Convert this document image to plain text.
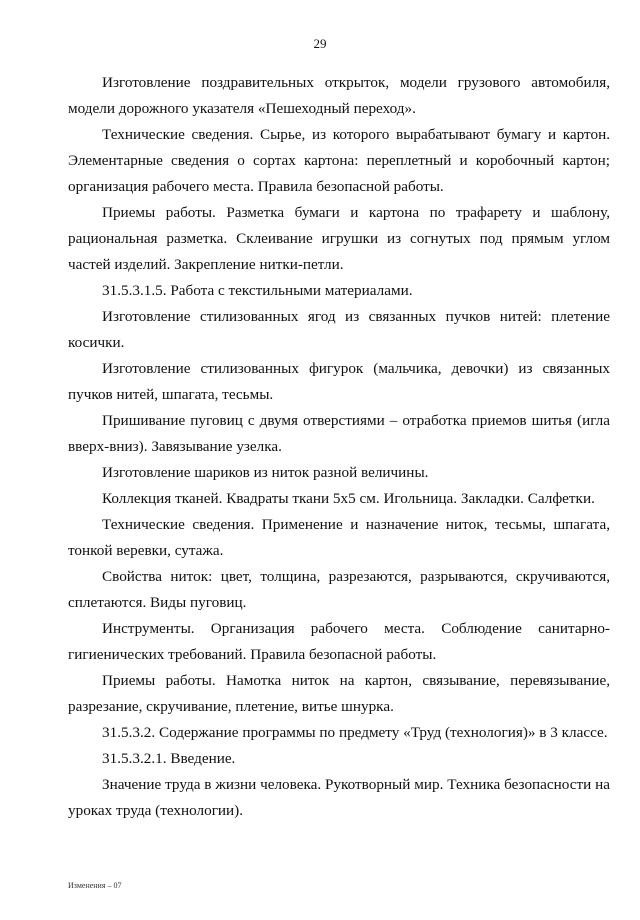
29

Изготовление поздравительных открыток, модели грузового автомобиля, модели дорожного указателя «Пешеходный переход».

Технические сведения. Сырье, из которого вырабатывают бумагу и картон. Элементарные сведения о сортах картона: переплетный и коробочный картон; организация рабочего места. Правила безопасной работы.

Приемы работы. Разметка бумаги и картона по трафарету и шаблону, рациональная разметка. Склеивание игрушки из согнутых под прямым углом частей изделий. Закрепление нитки-петли.

31.5.3.1.5. Работа с текстильными материалами.

Изготовление стилизованных ягод из связанных пучков нитей: плетение косички.

Изготовление стилизованных фигурок (мальчика, девочки) из связанных пучков нитей, шпагата, тесьмы.

Пришивание пуговиц с двумя отверстиями – отработка приемов шитья (игла вверх-вниз). Завязывание узелка.

Изготовление шариков из ниток разной величины.

Коллекция тканей. Квадраты ткани 5х5 см. Игольница. Закладки. Салфетки.

Технические сведения. Применение и назначение ниток, тесьмы, шпагата, тонкой веревки, сутажа.

Свойства ниток: цвет, толщина, разрезаются, разрываются, скручиваются, сплетаются. Виды пуговиц.

Инструменты. Организация рабочего места. Соблюдение санитарно-гигиенических требований. Правила безопасной работы.

Приемы работы. Намотка ниток на картон, связывание, перевязывание, разрезание, скручивание, плетение, витье шнурка.

31.5.3.2. Содержание программы по предмету «Труд (технология)» в 3 классе.

31.5.3.2.1. Введение.

Значение труда в жизни человека. Рукотворный мир. Техника безопасности на уроках труда (технологии).

Изменения – 07
